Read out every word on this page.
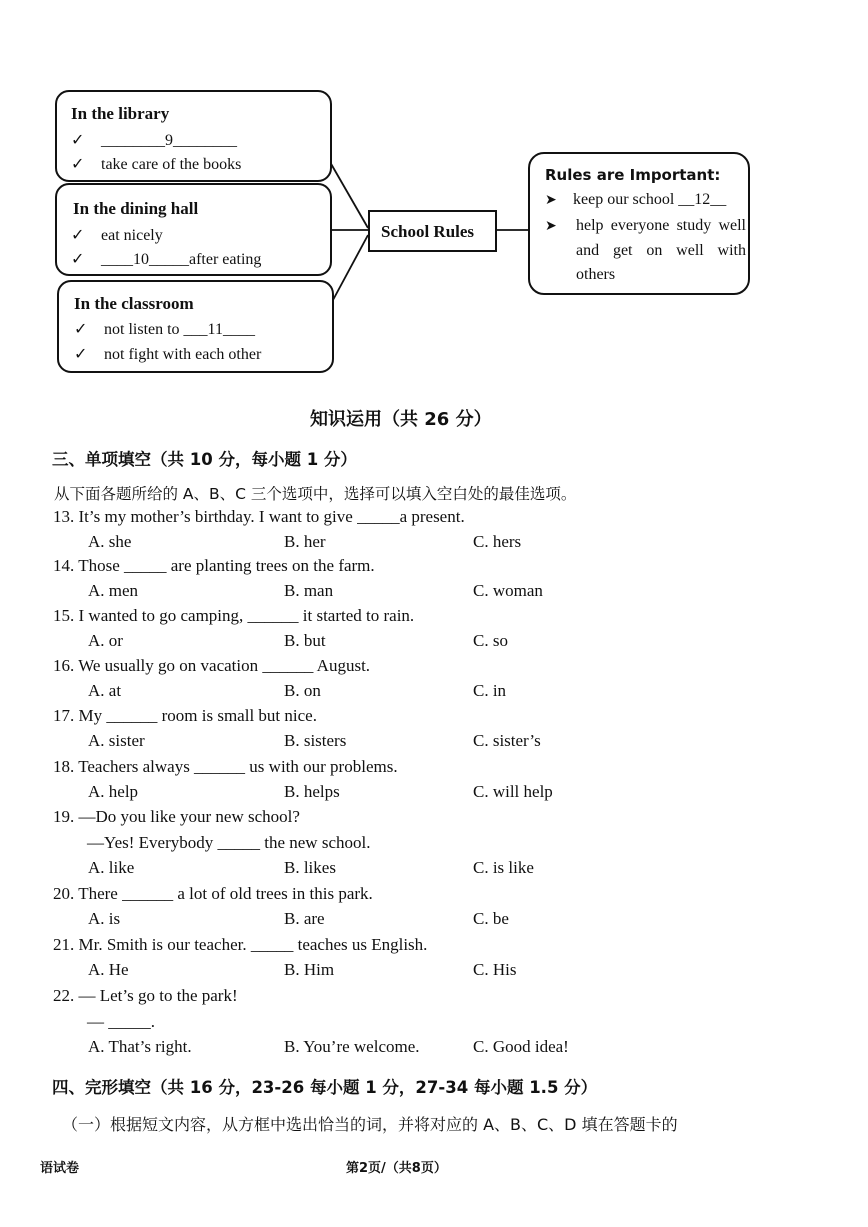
In the library
✓ ________9________
✓ take care of the books
In the dining hall
✓ eat nicely
✓ ____10_____after eating
In the classroom
✓ not listen to ___11____
✓ not fight with each other
School Rules
Rules are Important:
➤ keep our school __12__
➤	help everyone study well and get on well with others
知识运用（共 26 分）
三、单项填空（共 10 分，每小题 1 分）
从下面各题所给的 A、B、C 三个选项中，选择可以填入空白处的最佳选项。
13. It’s my mother’s birthday. I want to give _____a present.
A. she	B. her	C. hers
14. Those _____ are planting trees on the farm.
A. men	B. man	C. woman
15. I wanted to go camping, ______ it started to rain.
A. or	B. but	C. so
16. We usually go on vacation ______ August.
A. at	B. on	C. in
17. My ______ room is small but nice.
A. sister	B. sisters	C. sister’s
18. Teachers always ______ us with our problems.
A. help	B. helps	C. will help
19. —Do you like your new school?
—Yes! Everybody _____ the new school.
A. like	B. likes	C. is like
20. There ______ a lot of old trees in this park.
A. is	B. are	C. be
21. Mr. Smith is our teacher. _____ teaches us English.
A. He	B. Him	C. His
22. — Let’s go to the park!
— _____.
A. That’s right.	B. You’re welcome.	C. Good idea!
四、完形填空（共 16 分，23-26 每小题 1 分，27-34 每小题 1.5 分）
（一）根据短文内容，从方框中选出恰当的词，并将对应的 A、B、C、D 填在答题卡的
语试卷	第2页/（共8页）
